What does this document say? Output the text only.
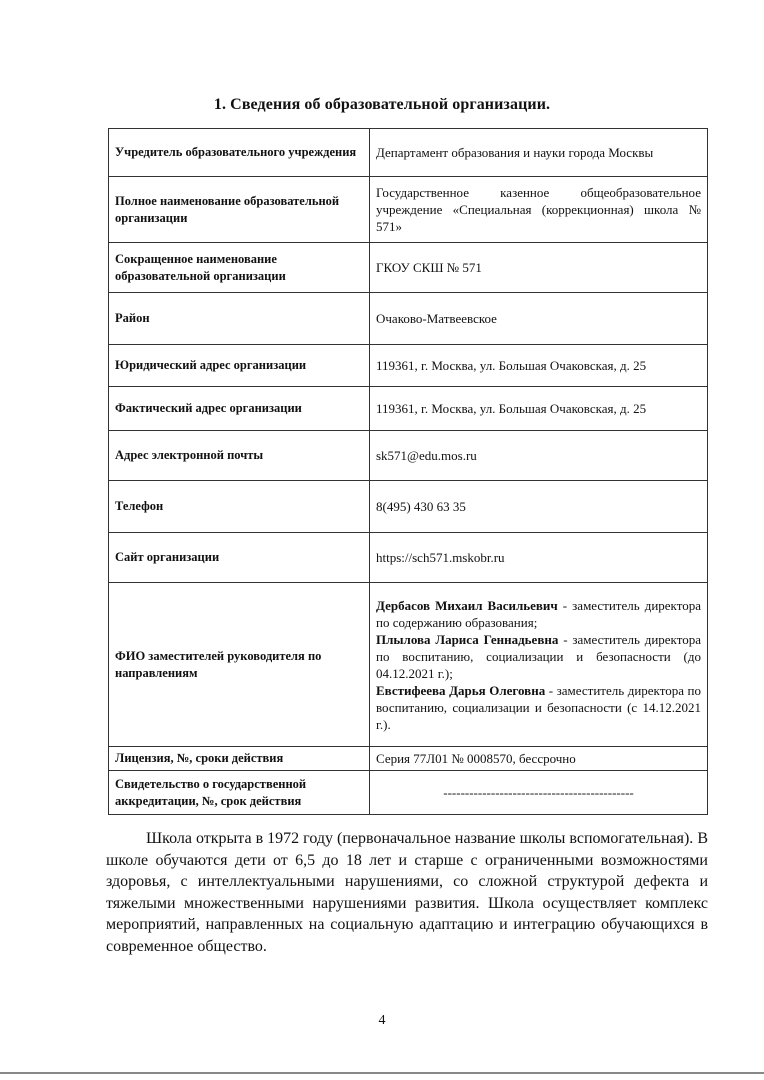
1. Сведения об образовательной организации.
Учредитель образовательного учреждения	Департамент образования и науки города Москвы
Полное наименование образовательной организации	Государственное казенное общеобразовательное учреждение «Специальная (коррекционная) школа № 571»
Сокращенное наименование образовательной организации	ГКОУ СКШ № 571
Район	Очаково-Матвеевское
Юридический адрес организации	119361, г. Москва, ул. Большая Очаковская, д. 25
Фактический адрес организации	119361, г. Москва, ул. Большая Очаковская, д. 25
Адрес электронной почты	sk571@edu.mos.ru
Телефон	8(495) 430 63 35
Сайт организации	https://sch571.mskobr.ru
ФИО заместителей руководителя по направлениям	Дербасов Михаил Васильевич - заместитель директора по содержанию образования;
Плылова Лариса Геннадьевна - заместитель директора по воспитанию, социализации и безопасности (до 04.12.2021 г.);
Евстифеева Дарья Олеговна - заместитель директора по воспитанию, социализации и безопасности (с 14.12.2021 г.).
Лицензия, №, сроки действия	Серия 77Л01 № 0008570, бессрочно
Свидетельство о государственной аккредитации, №, срок действия	--------------------------------------------
Школа открыта в 1972 году (первоначальное название школы вспомогательная). В школе обучаются дети от 6,5 до 18 лет и старше с ограниченными возможностями здоровья, с интеллектуальными нарушениями, со сложной структурой дефекта и тяжелыми множественными нарушениями развития. Школа осуществляет комплекс мероприятий, направленных на социальную адаптацию и интеграцию обучающихся в современное общество.
4
